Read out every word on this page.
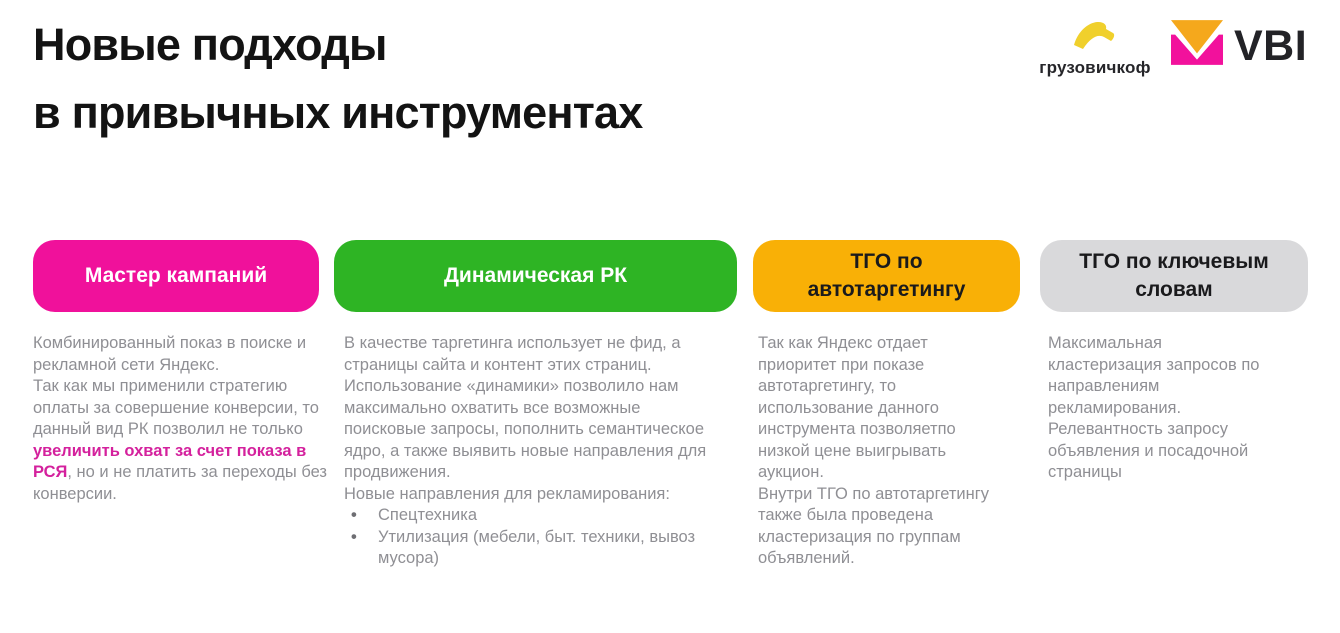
Новые подходы
в привычных инструментах
грузовичкоф VBI
Мастер кампаний

Комбинированный показ в поиске и рекламной сети Яндекс.

Так как мы применили стратегию оплаты за совершение конверсии, то данный вид РК позволил не только увеличить охват за счет показа в РСЯ, но и не платить за переходы без конверсии.

Динамическая РК

В качестве таргетинга использует не фид, а страницы сайта и контент этих страниц.

Использование «динамики» позволило нам максимально охватить все возможные поисковые запросы, пополнить семантическое ядро, а также выявить новые направления для продвижения.

Новые направления для рекламирования:

•	Спецтехника
•	Утилизация (мебели, быт. техники, вывоз мусора)
ТГО по автотаргетингу

Так как Яндекс отдает приоритет при показе автотаргетингу, то использование данного инструмента позволяетпо низкой цене выигрывать аукцион.

Внутри ТГО по автотаргетингу также была проведена кластеризация по группам объявлений.

ТГО по ключевым словам

Максимальная кластеризация запросов по направлениям рекламирования.

Релевантность запросу объявления и посадочной страницы
